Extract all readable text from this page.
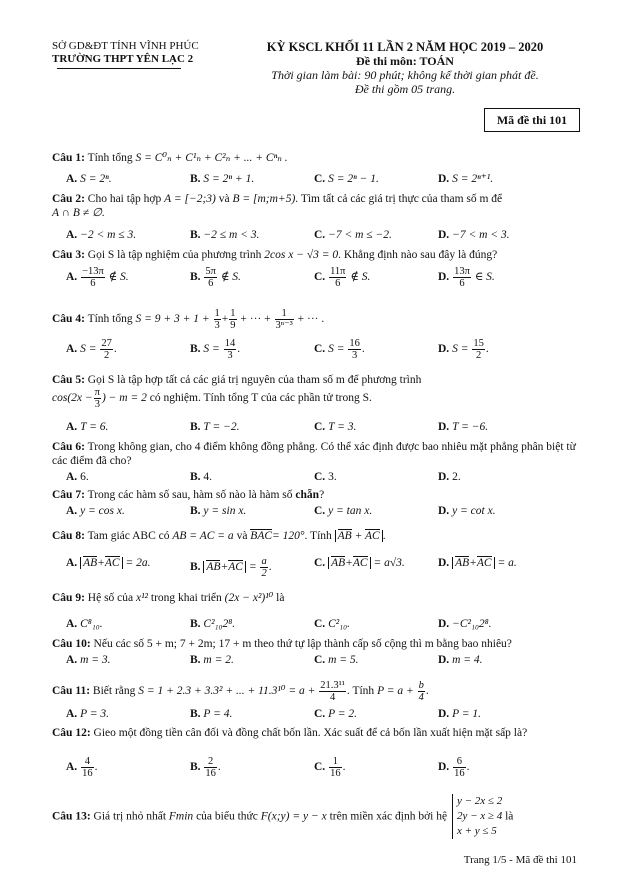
SỞ GD&ĐT TỈNH VĨNH PHÚC
TRƯỜNG THPT YÊN LẠC 2
KỲ KSCL KHỐI 11 LẦN 2 NĂM HỌC 2019 – 2020
Đề thi môn: TOÁN
Thời gian làm bài: 90 phút; không kể thời gian phát đề.
Đề thi gồm 05 trang.
Mã đề thi 101
Câu 1: Tính tổng S = C⁰ₙ + C¹ₙ + C²ₙ + ... + Cⁿₙ .
A. S = 2ⁿ.	B. S = 2ⁿ + 1.	C. S = 2ⁿ − 1.	D. S = 2ⁿ⁺¹.
Câu 2: Cho hai tập hợp A = [−2;3) và B = [m;m+5). Tìm tất cả các giá trị thực của tham số m để
A ∩ B ≠ ∅.
A. −2 < m ≤ 3.	B. −2 ≤ m < 3.	C. −7 < m ≤ −2.	D. −7 < m < 3.
Câu 3: Gọi S là tập nghiệm của phương trình 2cos x − √3 = 0. Khẳng định nào sau đây là đúng?
A. $\frac{-13\pi}{6}$ ∉ S.	B. $\frac{5\pi}{6}$ ∉ S.	C. $\frac{11\pi}{6}$ ∉ S.	D. $\frac{13\pi}{6}$ ∈ S.
Câu 4: Tính tổng $S = 9 + 3 + 1 + \frac{1}{3} + \frac{1}{9}$ + ··· + $\frac{1}{\text{3ⁿ⁻³}}$ + ··· .
A. $S = \frac{27}{2}$ .	B. $S = \frac{14}{3}$ .	C. $S = \frac{16}{3}$ .	D. $S = \frac{15}{2}$ .
Câu 5: Gọi S là tập hợp tất cả các giá trị nguyên của tham số m để phương trình
$\cos(2x - \frac{\pi}{3}$ ) − m = 2 có nghiệm. Tính tổng T của các phần tử trong S.
A. T = 6.	B. T = −2.	C. T = 3.	D. T = −6.
Câu 6: Trong không gian, cho 4 điểm không đồng phẳng. Có thể xác định được bao nhiêu mặt phẳng phân biệt từ các điểm đã cho?
A. 6.	B. 4.	C. 3.	D. 2.
Câu 7: Trong các hàm số sau, hàm số nào là hàm số chẵn?
A. y = cos x.	B. y = sin x.	C. y = tan x.	D. y = cot x.
Câu 8: Tam giác ABC có AB = AC = a và BAC= 120°. Tính AB + AC .
A. AB+AC = 2a.	B. $AB+AC = \frac{a}{2}$ .	C. AB+AC = a√3.	D. AB+AC = a.
Câu 9: Hệ số của x¹² trong khai triển (2x − x²)¹⁰ là
A. C⁸₁₀.	B. C²₁₀2⁸.	C. C²₁₀.	D. −C²₁₀2⁸.
Câu 10: Nếu các số 5 + m; 7 + 2m; 17 + m theo thứ tự lập thành cấp số cộng thì m bằng bao nhiêu?
A. m = 3.	B. m = 2.	C. m = 5.	D. m = 4.
Câu 11: Biết rằng S = 1 + 2.3 + 3.3² + ... + $11.3^{10} = a + \frac{\text{21.3¹¹}}{4}$ . Tính $P = a + \frac{b}{4}$ .
A. P = 3.	B. P = 4.	C. P = 2.	D. P = 1.
Câu 12: Gieo một đồng tiền cân đối và đồng chất bốn lần. Xác suất để cả bốn lần xuất hiện mặt sấp là?
A. $\frac{4}{16}$ .	B. $\frac{2}{16}$ .	C. $\frac{1}{16}$ .	D. $\frac{6}{16}$ .
Câu 13: Giá trị nhỏ nhất Fmin của biểu thức F(x;y) = y − x trên miền xác định bởi hệ
y − 2x ≤ 2
2y − x ≥ 4
x + y ≤ 5
là
Trang 1/5 - Mã đề thi 101
